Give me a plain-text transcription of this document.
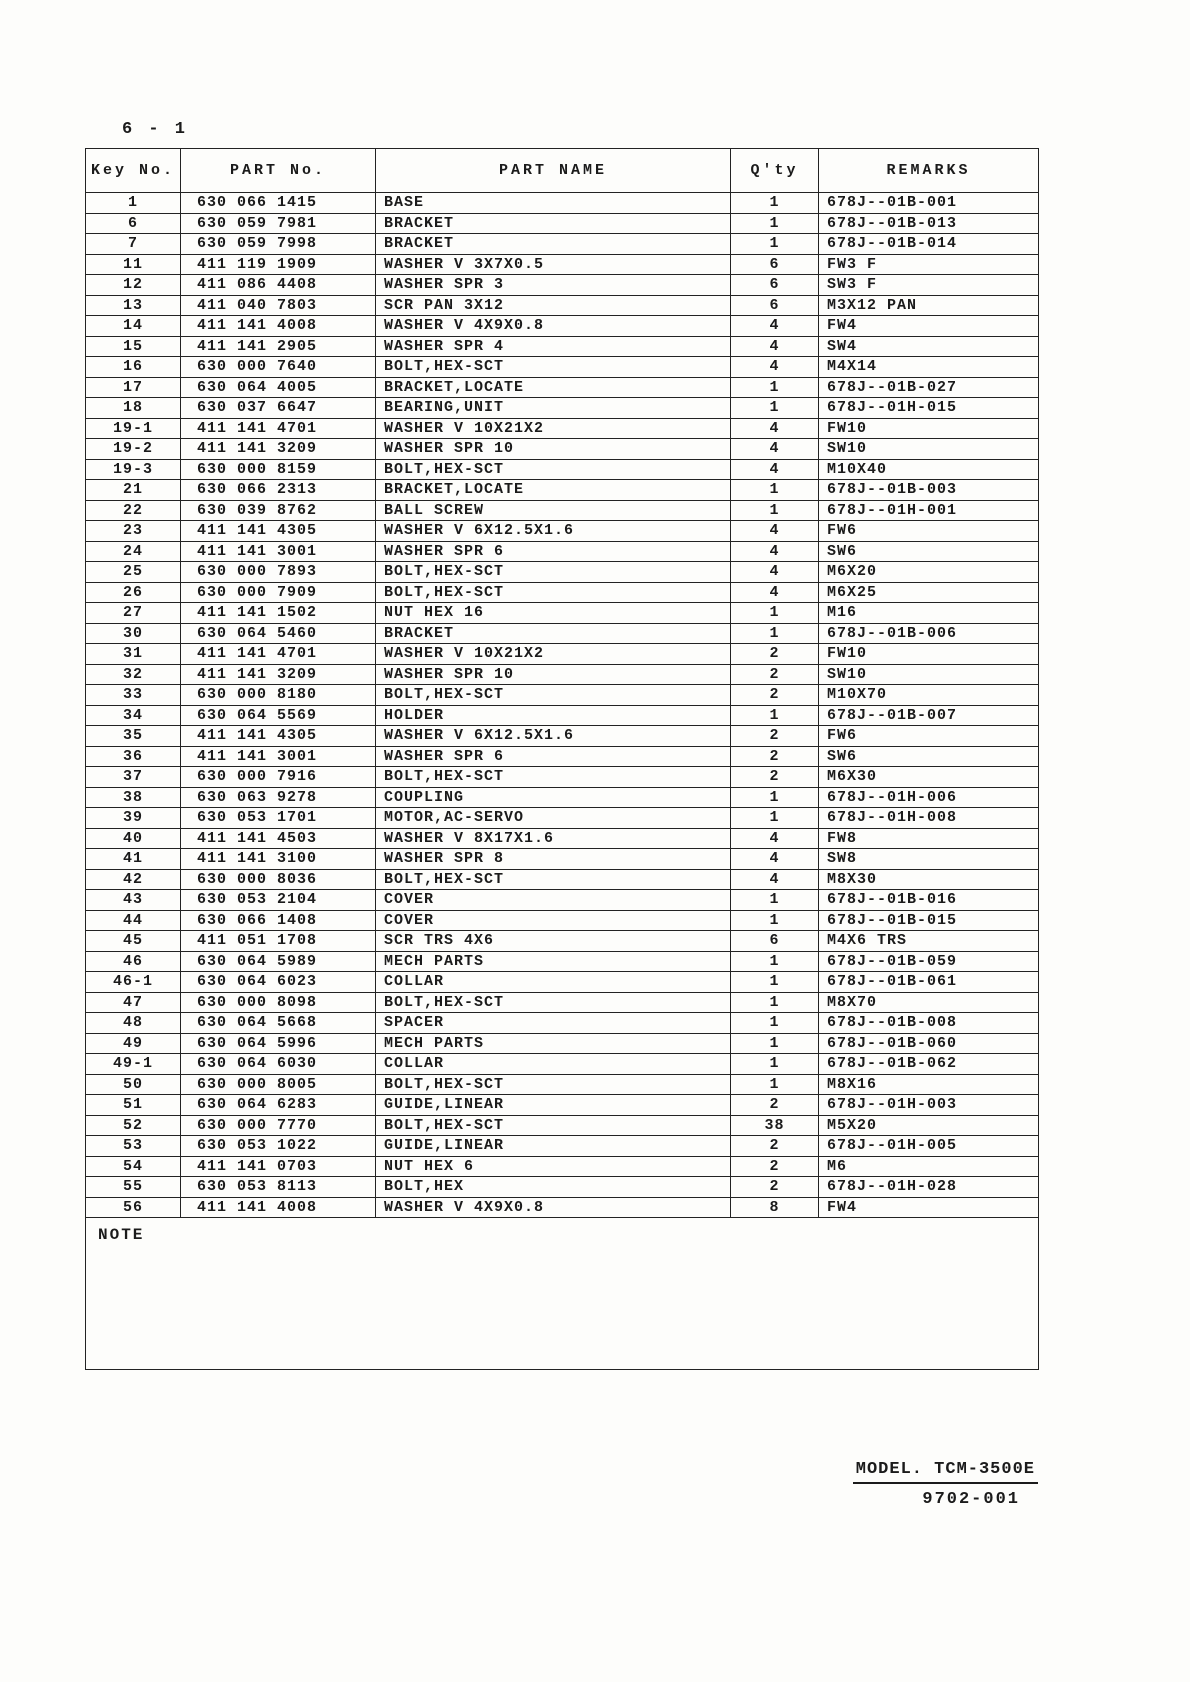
6 - 1
Key No.	PART No.	PART NAME	Q'ty	REMARKS
1	630 066 1415	BASE	1	678J--01B-001
6	630 059 7981	BRACKET	1	678J--01B-013
7	630 059 7998	BRACKET	1	678J--01B-014
11	411 119 1909	WASHER V 3X7X0.5	6	FW3 F
12	411 086 4408	WASHER SPR 3	6	SW3 F
13	411 040 7803	SCR PAN 3X12	6	M3X12 PAN
14	411 141 4008	WASHER V 4X9X0.8	4	FW4
15	411 141 2905	WASHER SPR 4	4	SW4
16	630 000 7640	BOLT,HEX-SCT	4	M4X14
17	630 064 4005	BRACKET,LOCATE	1	678J--01B-027
18	630 037 6647	BEARING,UNIT	1	678J--01H-015
19-1	411 141 4701	WASHER V 10X21X2	4	FW10
19-2	411 141 3209	WASHER SPR 10	4	SW10
19-3	630 000 8159	BOLT,HEX-SCT	4	M10X40
21	630 066 2313	BRACKET,LOCATE	1	678J--01B-003
22	630 039 8762	BALL SCREW	1	678J--01H-001
23	411 141 4305	WASHER V 6X12.5X1.6	4	FW6
24	411 141 3001	WASHER SPR 6	4	SW6
25	630 000 7893	BOLT,HEX-SCT	4	M6X20
26	630 000 7909	BOLT,HEX-SCT	4	M6X25
27	411 141 1502	NUT HEX 16	1	M16
30	630 064 5460	BRACKET	1	678J--01B-006
31	411 141 4701	WASHER V 10X21X2	2	FW10
32	411 141 3209	WASHER SPR 10	2	SW10
33	630 000 8180	BOLT,HEX-SCT	2	M10X70
34	630 064 5569	HOLDER	1	678J--01B-007
35	411 141 4305	WASHER V 6X12.5X1.6	2	FW6
36	411 141 3001	WASHER SPR 6	2	SW6
37	630 000 7916	BOLT,HEX-SCT	2	M6X30
38	630 063 9278	COUPLING	1	678J--01H-006
39	630 053 1701	MOTOR,AC-SERVO	1	678J--01H-008
40	411 141 4503	WASHER V 8X17X1.6	4	FW8
41	411 141 3100	WASHER SPR 8	4	SW8
42	630 000 8036	BOLT,HEX-SCT	4	M8X30
43	630 053 2104	COVER	1	678J--01B-016
44	630 066 1408	COVER	1	678J--01B-015
45	411 051 1708	SCR TRS 4X6	6	M4X6 TRS
46	630 064 5989	MECH PARTS	1	678J--01B-059
46-1	630 064 6023	COLLAR	1	678J--01B-061
47	630 000 8098	BOLT,HEX-SCT	1	M8X70
48	630 064 5668	SPACER	1	678J--01B-008
49	630 064 5996	MECH PARTS	1	678J--01B-060
49-1	630 064 6030	COLLAR	1	678J--01B-062
50	630 000 8005	BOLT,HEX-SCT	1	M8X16
51	630 064 6283	GUIDE,LINEAR	2	678J--01H-003
52	630 000 7770	BOLT,HEX-SCT	38	M5X20
53	630 053 1022	GUIDE,LINEAR	2	678J--01H-005
54	411 141 0703	NUT HEX 6	2	M6
55	630 053 8113	BOLT,HEX	2	678J--01H-028
56	411 141 4008	WASHER V 4X9X0.8	8	FW4
NOTE				
MODEL. TCM-3500E
9702-001
